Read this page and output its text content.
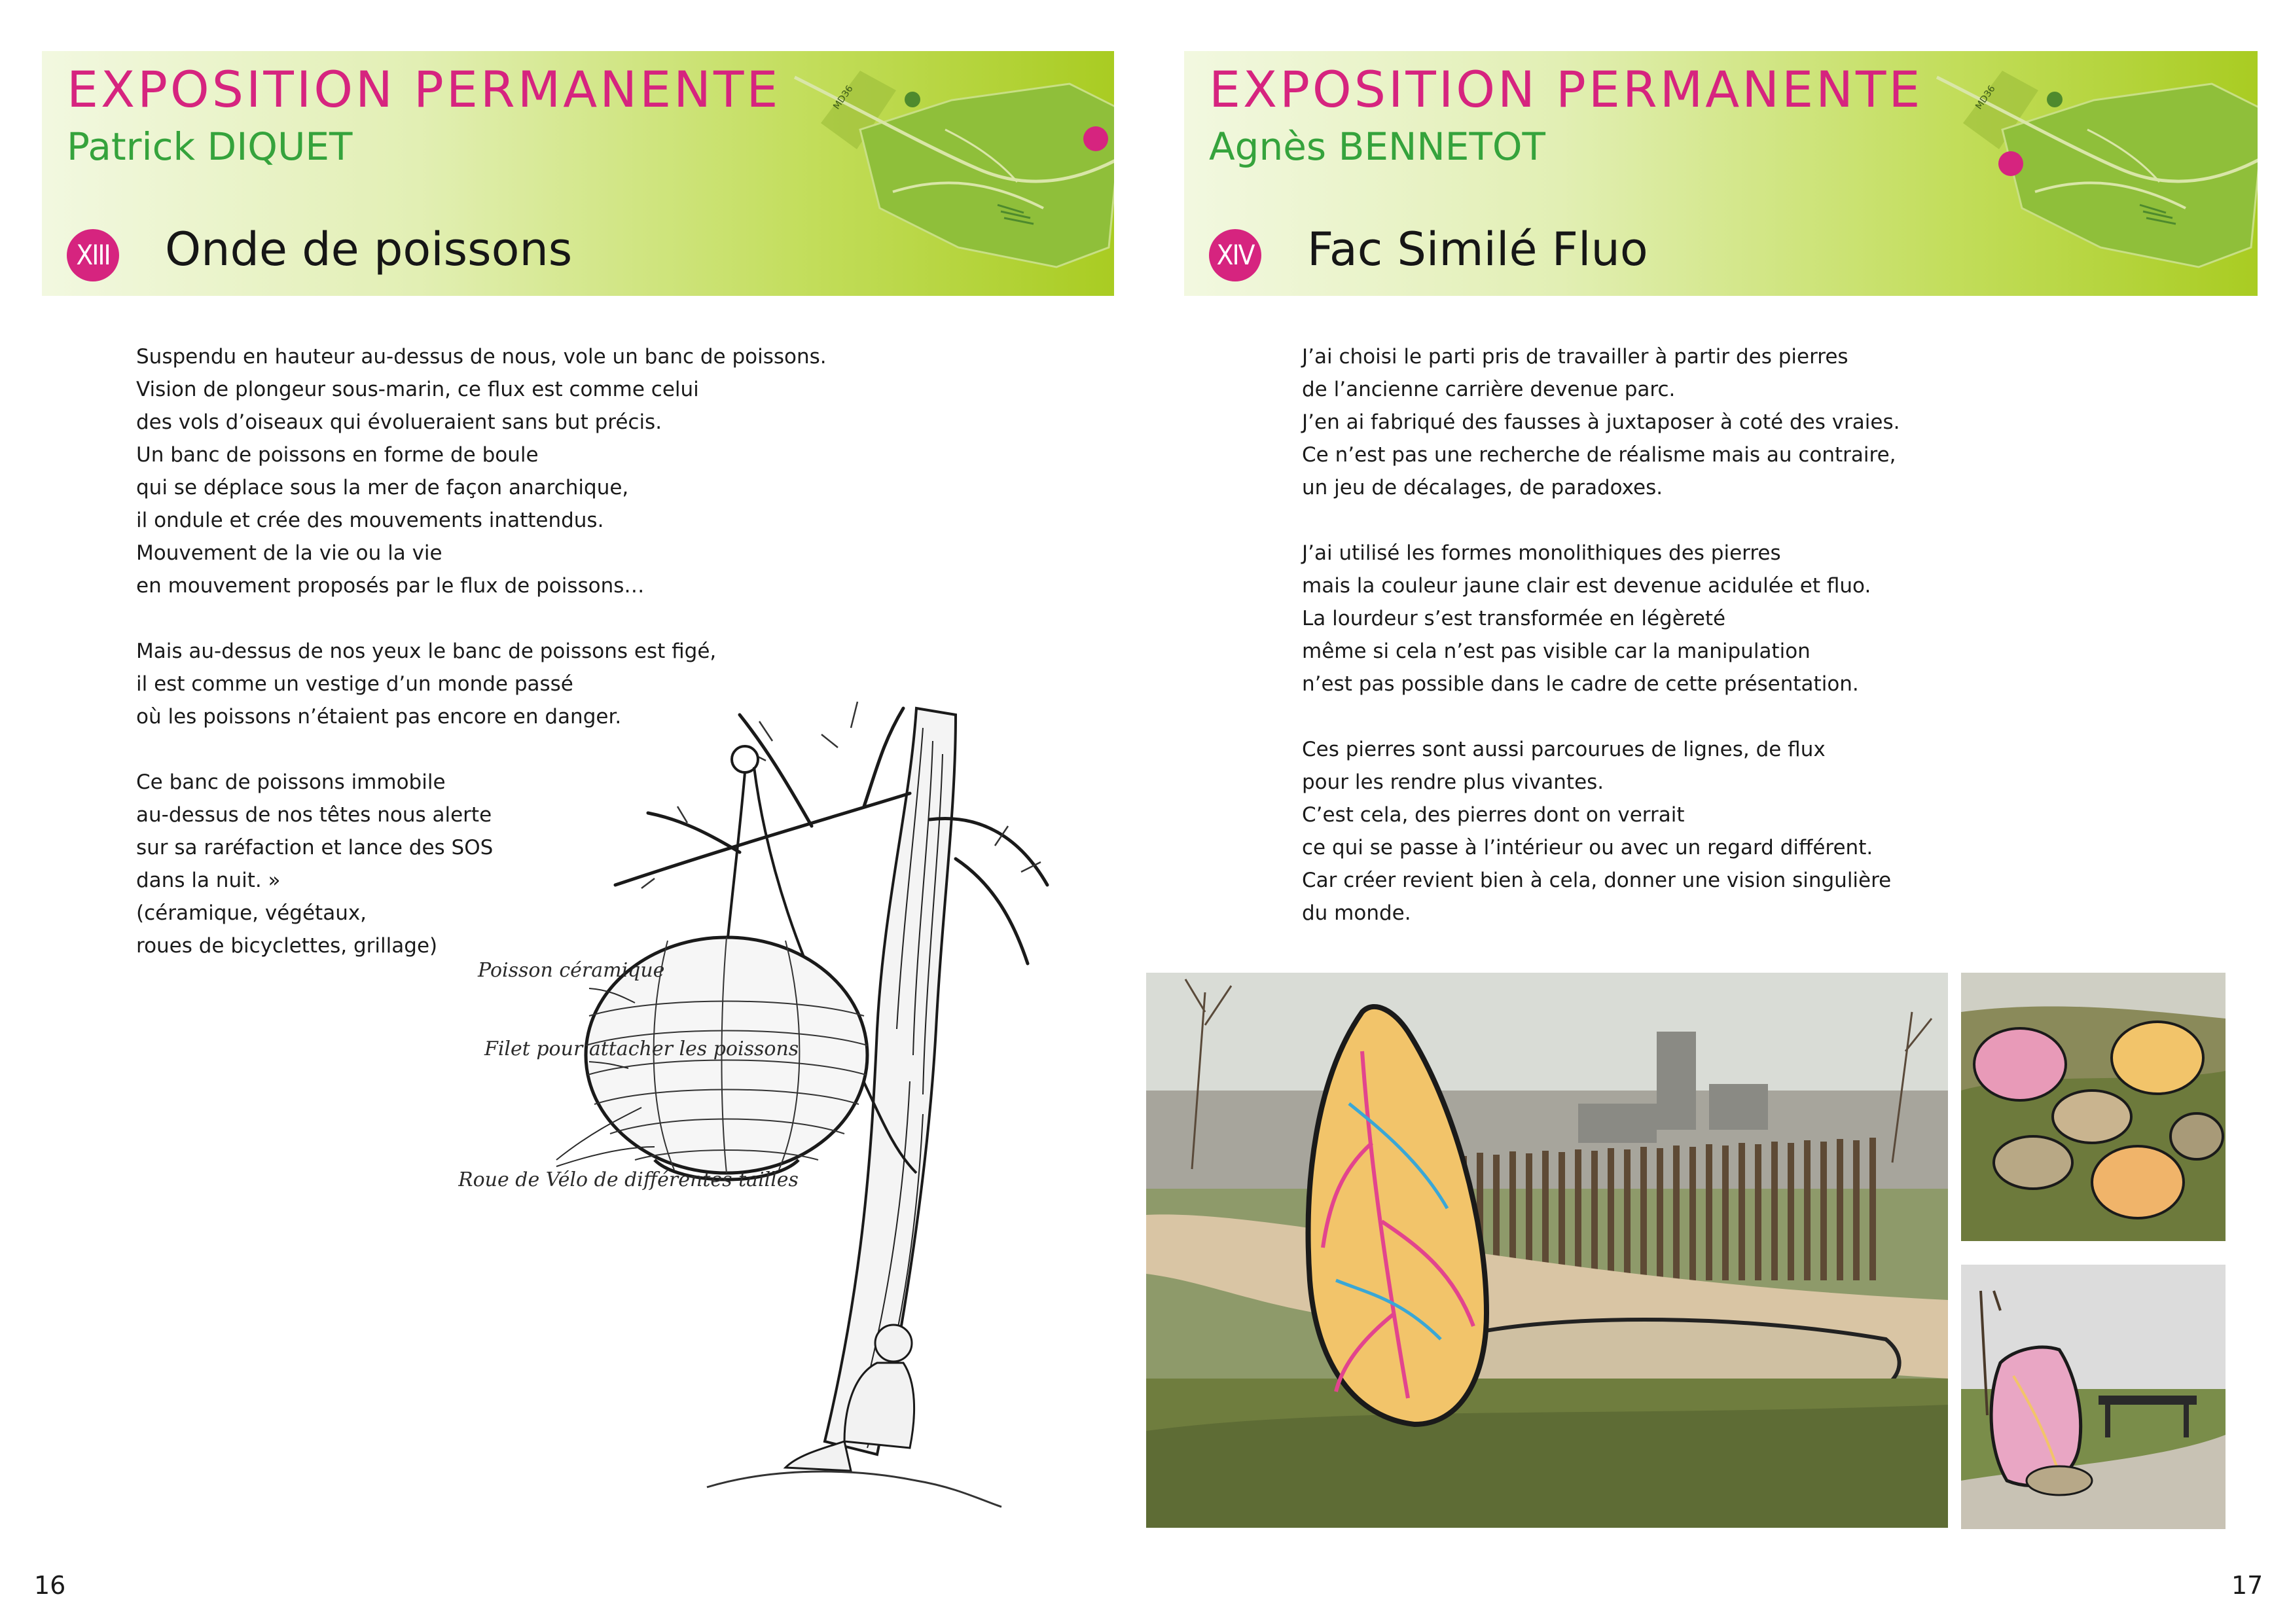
EXPOSITION PERMANENTE
Patrick DIQUET
XIII Onde de poissons
MD36
Suspendu en hauteur au-dessus de nous, vole un banc de poissons.
Vision de plongeur sous-marin, ce flux est comme celui
des vols d’oiseaux qui évolueraient sans but précis.
Un banc de poissons en forme de boule
qui se déplace sous la mer de façon anarchique,
il ondule et crée des mouvements inattendus.
Mouvement de la vie ou la vie
en mouvement proposés par le flux de poissons…

Mais au-dessus de nos yeux le banc de poissons est figé,
il est comme un vestige d’un monde passé
où les poissons n’étaient pas encore en danger.

Ce banc de poissons immobile
au-dessus de nos têtes nous alerte
sur sa raréfaction et lance des SOS
dans la nuit. »
(céramique, végétaux,
roues de bicyclettes, grillage)
Poisson céramique
Filet pour attacher les poissons
Roue de Vélo de différentes tailles
16
EXPOSITION PERMANENTE
Agnès BENNETOT
XIV Fac Similé Fluo
MD36
J’ai choisi le parti pris de travailler à partir des pierres
de l’ancienne carrière devenue parc.
J’en ai fabriqué des fausses à juxtaposer à coté des vraies.
Ce n’est pas une recherche de réalisme mais au contraire,
un jeu de décalages, de paradoxes.

J’ai utilisé les formes monolithiques des pierres
mais la couleur jaune clair est devenue acidulée et fluo.
La lourdeur s’est transformée en légèreté
même si cela n’est pas visible car la manipulation
n’est pas possible dans le cadre de cette présentation.

Ces pierres sont aussi parcourues de lignes, de flux
pour les rendre plus vivantes.
C’est cela, des pierres dont on verrait
ce qui se passe à l’intérieur ou avec un regard différent.
Car créer revient bien à cela, donner une vision singulière
du monde.
17
